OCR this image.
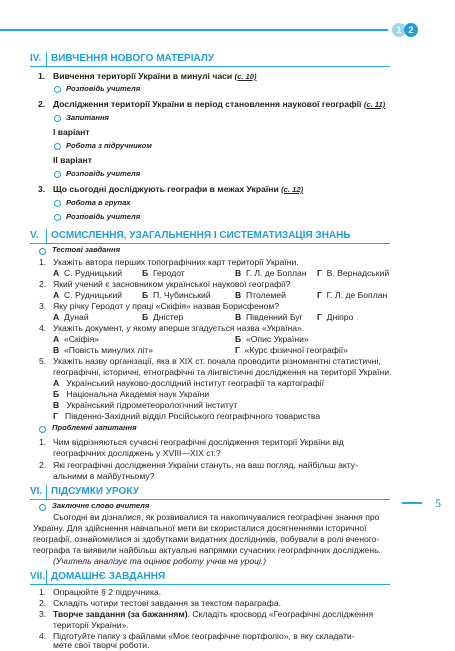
1 2
5
IV. ВИВЧЕННЯ НОВОГО МАТЕРІАЛУ
1. Вивчення території України в минулі часи (с. 10)
Розповідь учителя
2. Дослідження території України в період становлення наукової географії (с. 11)
Запитання
І варіант
Робота з підручником
ІІ варіант
Розповідь учителя
3. Що сьогодні досліджують географи в межах України (с. 12)
Робота в групах
Розповідь учителя
V. ОСМИСЛЕННЯ, УЗАГАЛЬНЕННЯ І СИСТЕМАТИЗАЦІЯ ЗНАНЬ
Тестові завдання
1. Укажіть автора перших топографічних карт території України.
А С. Рудницький Б Геродот	В Г. Л. де Боплан Г В. Вернадський
2. Який учений є засновником української наукової географії?
А С. Рудницький Б П. Чубинський	В Птолемей	Г Г. Л. де Боплан
3. Яку річку Геродот у праці «Скіфія» назвав Борисфеном?
А Дунай	Б Дністер	В Південний Буг Г Дніпро
4. Укажіть документ, у якому вперше згадується назва «Україна».
А «Скіфія»	Б «Опис України»
В «Повість минулих літ»	Г «Курс фізичної географії»
5. Укажіть назву організації, яка в ХІХ ст. почала проводити різноманітні статистичні,
географічні, історичні, етнографічні та лінгвістичні дослідження на території України.
А Український науково-дослідний інститут географії та картографії
Б Національна Академія наук України
В Український гідрометеорологічний інститут
Г Південно-Західний відділ Російського географічного товариства
Проблемні запитання
1. Чим відрізняються сучасні географічні дослідження території України від
географічних досліджень у XVIII—XIX ст.?
2. Які географічні дослідження України стануть, на ваш погляд, найбільш акту-
альними в майбутньому?
VI. ПІДСУМКИ УРОКУ
Заключне слово вчителя
Сьогодні ви дізналися, як розвивалися та накопичувалися географічні знання про
Україну. Для здійснення навчальної мети ви скористалися досягненнями історичної
географії, ознайомилися зі здобутками видатних дослідників, побували в ролі вченого-
географа та виявили найбільш актуальні напрямки сучасних географічних досліджень.
(Учитель аналізує та оцінює роботу учнів на уроці.)
VII. ДОМАШНЄ ЗАВДАННЯ
1. Опрацюйте § 2 підручника.
2. Складіть чотири тестові завдання за текстом параграфа.
3. Творче завдання (за бажанням). Складіть кросворд «Географічні дослідження
території України».
4. Підготуйте папку з файлами «Моє географічне портфоліо», в яку складати-
мете свої творчі роботи.
